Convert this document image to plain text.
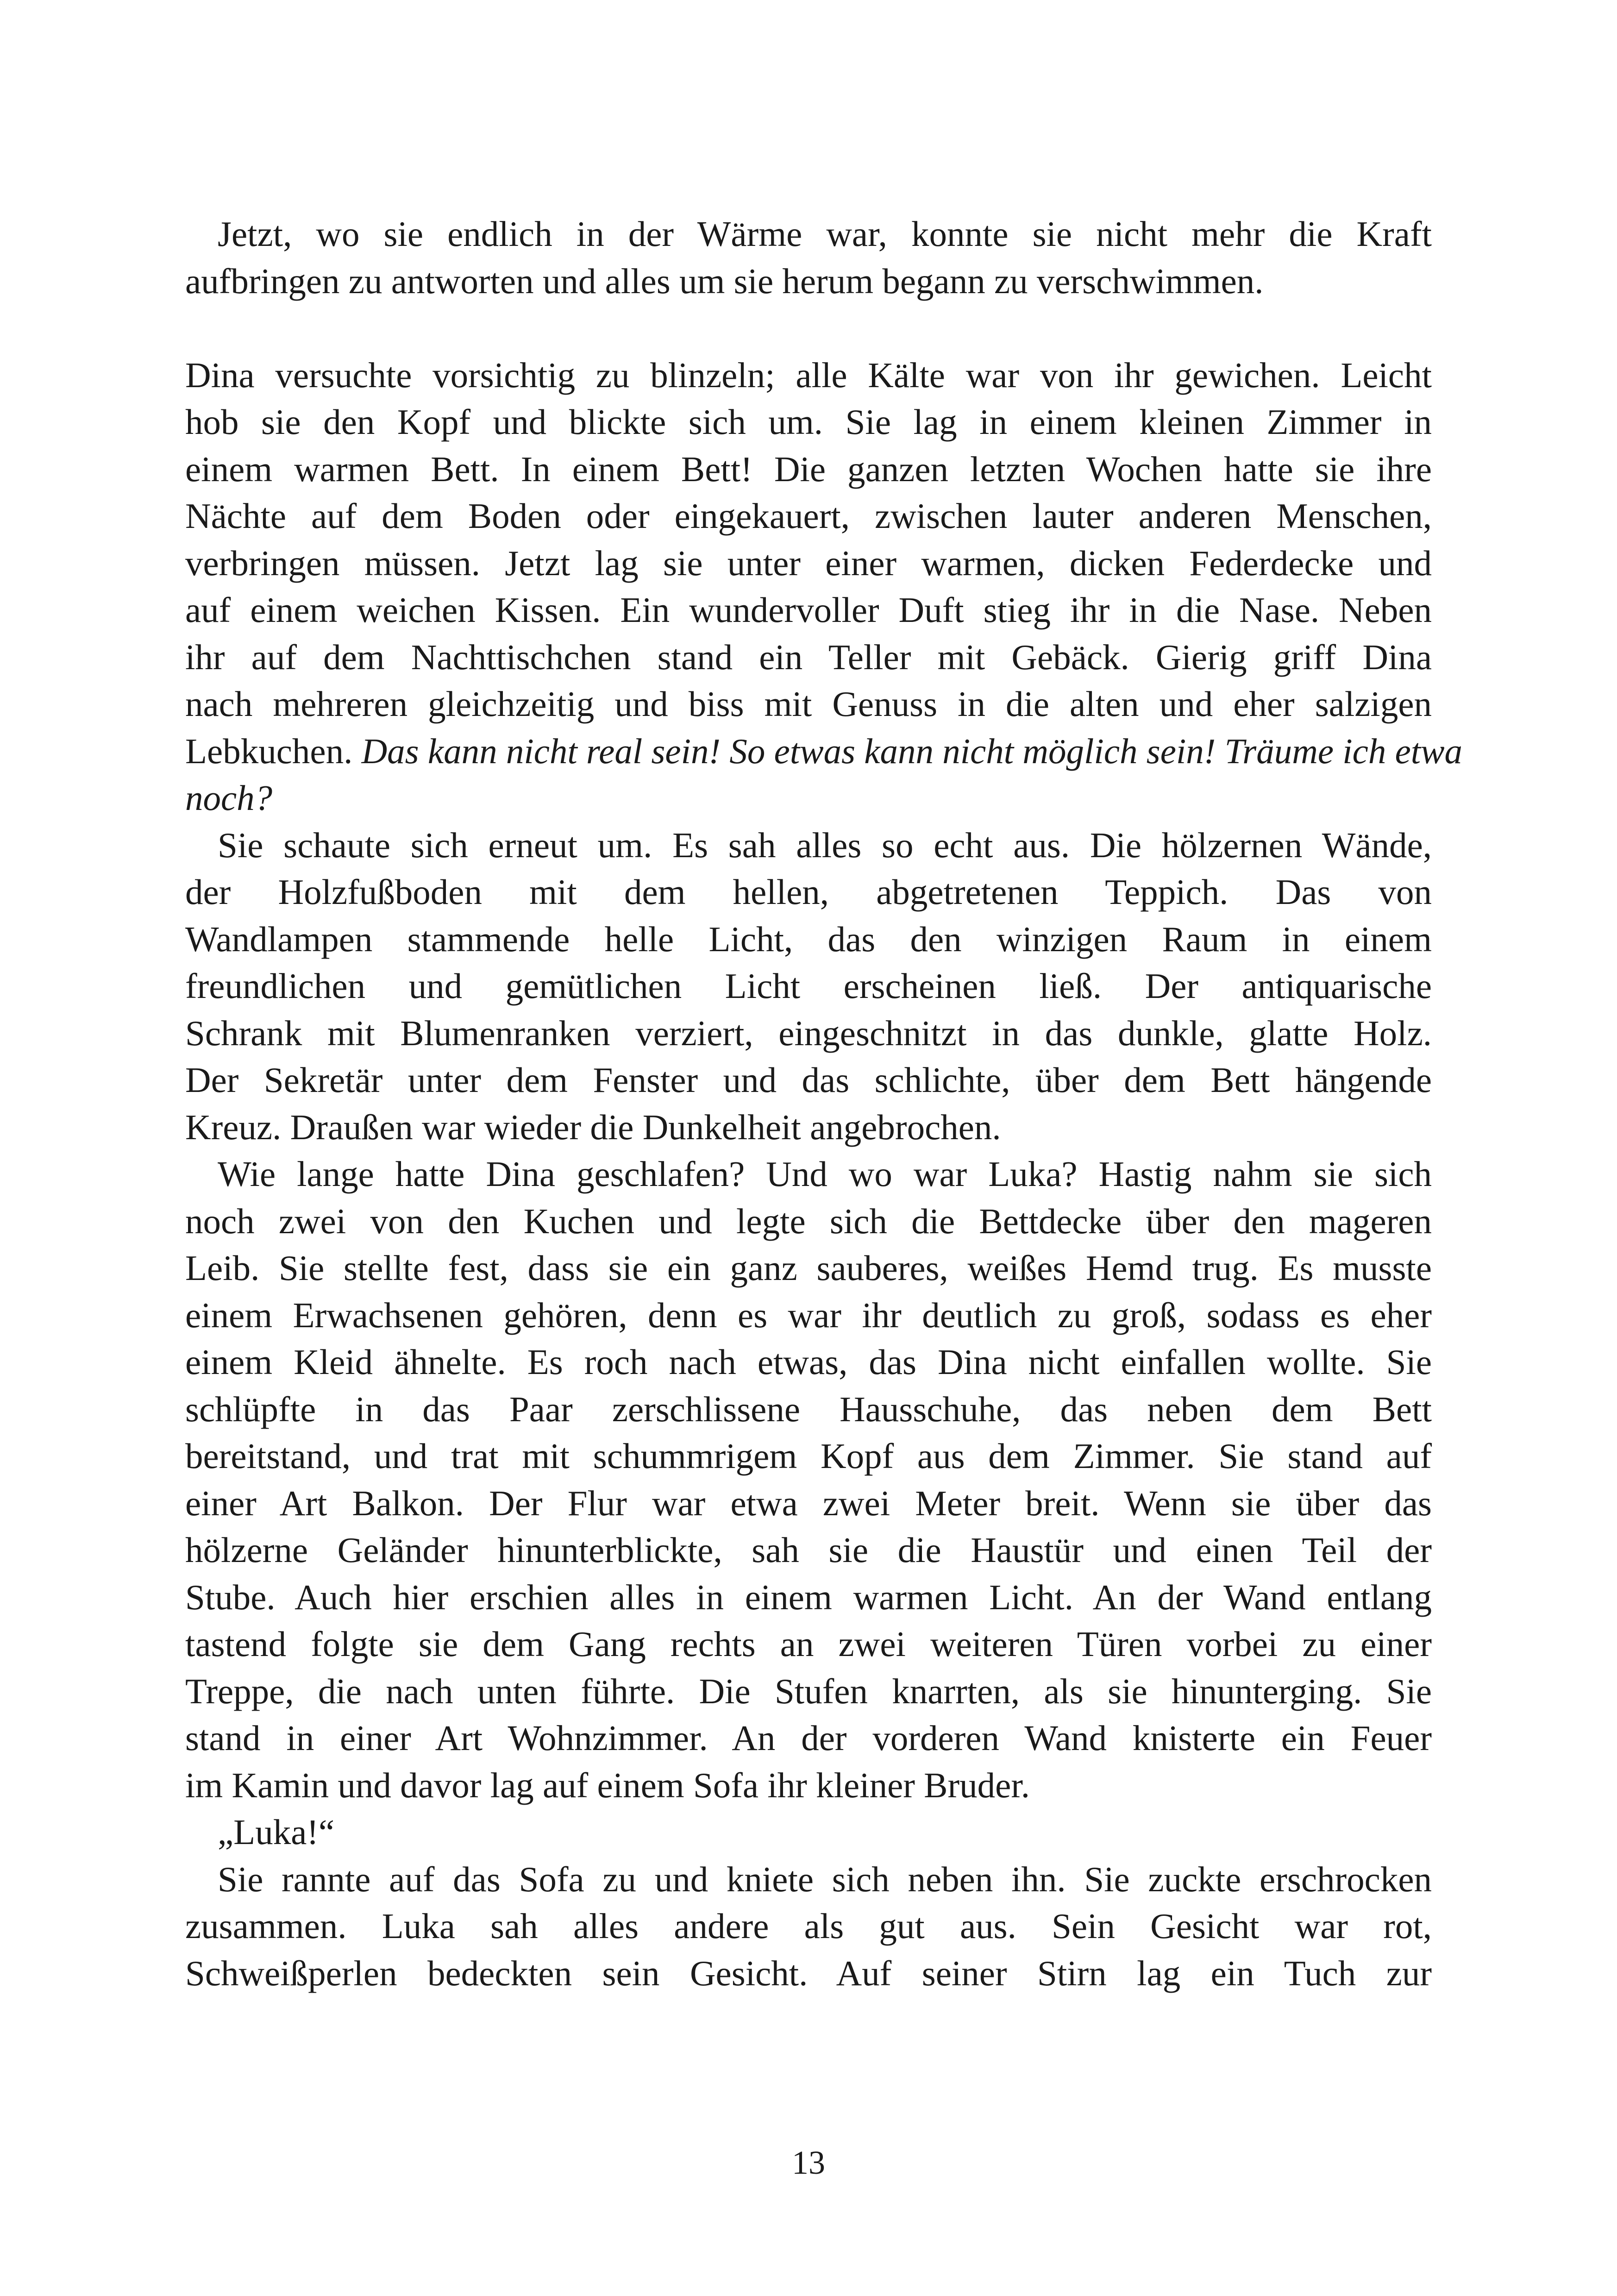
Jetzt, wo sie endlich in der Wärme war, konnte sie nicht mehr die Kraft
aufbringen zu antworten und alles um sie herum begann zu verschwimmen.
Dina versuchte vorsichtig zu blinzeln; alle Kälte war von ihr gewichen. Leicht
hob sie den Kopf und blickte sich um. Sie lag in einem kleinen Zimmer in
einem warmen Bett. In einem Bett! Die ganzen letzten Wochen hatte sie ihre
Nächte auf dem Boden oder eingekauert, zwischen lauter anderen Menschen,
verbringen müssen. Jetzt lag sie unter einer warmen, dicken Federdecke und
auf einem weichen Kissen. Ein wundervoller Duft stieg ihr in die Nase. Neben
ihr auf dem Nachttischchen stand ein Teller mit Gebäck. Gierig griff Dina
nach mehreren gleichzeitig und biss mit Genuss in die alten und eher salzigen
Lebkuchen. Das kann nicht real sein! So etwas kann nicht möglich sein! Träume ich etwa
noch?
Sie schaute sich erneut um. Es sah alles so echt aus. Die hölzernen Wände,
der Holzfußboden mit dem hellen, abgetretenen Teppich. Das von
Wandlampen stammende helle Licht, das den winzigen Raum in einem
freundlichen und gemütlichen Licht erscheinen ließ. Der antiquarische
Schrank mit Blumenranken verziert, eingeschnitzt in das dunkle, glatte Holz.
Der Sekretär unter dem Fenster und das schlichte, über dem Bett hängende
Kreuz. Draußen war wieder die Dunkelheit angebrochen.
Wie lange hatte Dina geschlafen? Und wo war Luka? Hastig nahm sie sich
noch zwei von den Kuchen und legte sich die Bettdecke über den mageren
Leib. Sie stellte fest, dass sie ein ganz sauberes, weißes Hemd trug. Es musste
einem Erwachsenen gehören, denn es war ihr deutlich zu groß, sodass es eher
einem Kleid ähnelte. Es roch nach etwas, das Dina nicht einfallen wollte. Sie
schlüpfte in das Paar zerschlissene Hausschuhe, das neben dem Bett
bereitstand, und trat mit schummrigem Kopf aus dem Zimmer. Sie stand auf
einer Art Balkon. Der Flur war etwa zwei Meter breit. Wenn sie über das
hölzerne Geländer hinunterblickte, sah sie die Haustür und einen Teil der
Stube. Auch hier erschien alles in einem warmen Licht. An der Wand entlang
tastend folgte sie dem Gang rechts an zwei weiteren Türen vorbei zu einer
Treppe, die nach unten führte. Die Stufen knarrten, als sie hinunterging. Sie
stand in einer Art Wohnzimmer. An der vorderen Wand knisterte ein Feuer
im Kamin und davor lag auf einem Sofa ihr kleiner Bruder.
„Luka!“
Sie rannte auf das Sofa zu und kniete sich neben ihn. Sie zuckte erschrocken
zusammen. Luka sah alles andere als gut aus. Sein Gesicht war rot,
Schweißperlen bedeckten sein Gesicht. Auf seiner Stirn lag ein Tuch zur
13
